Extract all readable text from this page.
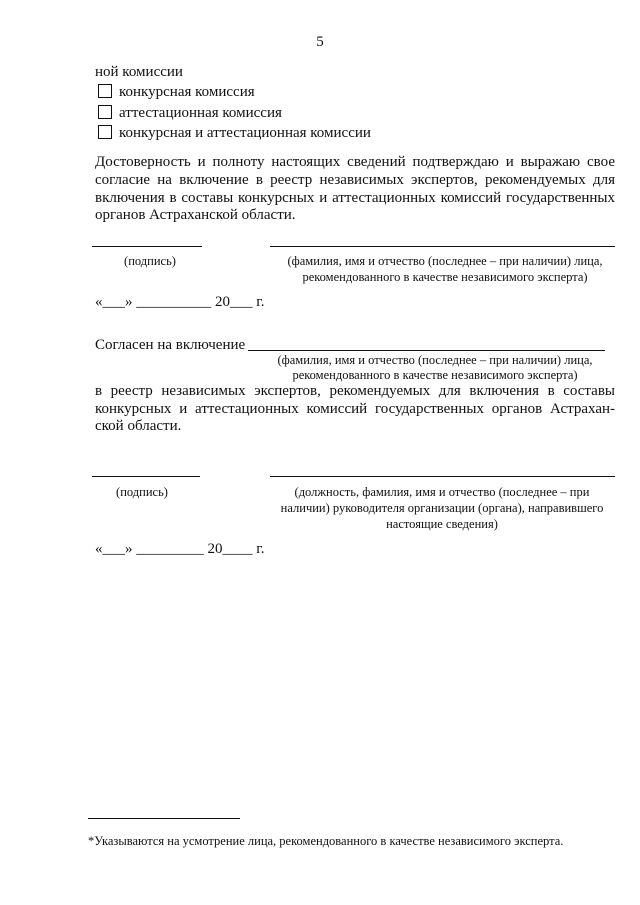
5
ной комиссии
конкурсная комиссия
аттестационная комиссия
конкурсная и аттестационная комиссии
Достоверность и полноту настоящих сведений подтверждаю и выражаю свое
согласие на включение в реестр независимых экспертов, рекомендуемых для
включения в составы конкурсных и аттестационных комиссий государственных
органов Астраханской области.
(подпись)	(фамилия, имя и отчество (последнее – при наличии) лица,
рекомендованного в качестве независимого эксперта)
«___» __________ 20___ г.
Согласен на включение
(фамилия, имя и отчество (последнее – при наличии) лица,
рекомендованного в качестве независимого эксперта)
в реестр независимых экспертов, рекомендуемых для включения в составы
конкурсных и аттестационных комиссий государственных органов Астрахан-
ской области.
(подпись)	(должность, фамилия, имя и отчество (последнее – при
наличии) руководителя организации (органа), направившего
настоящие сведения)
«___» _________ 20____ г.
*Указываются на усмотрение лица, рекомендованного в качестве независимого эксперта.
